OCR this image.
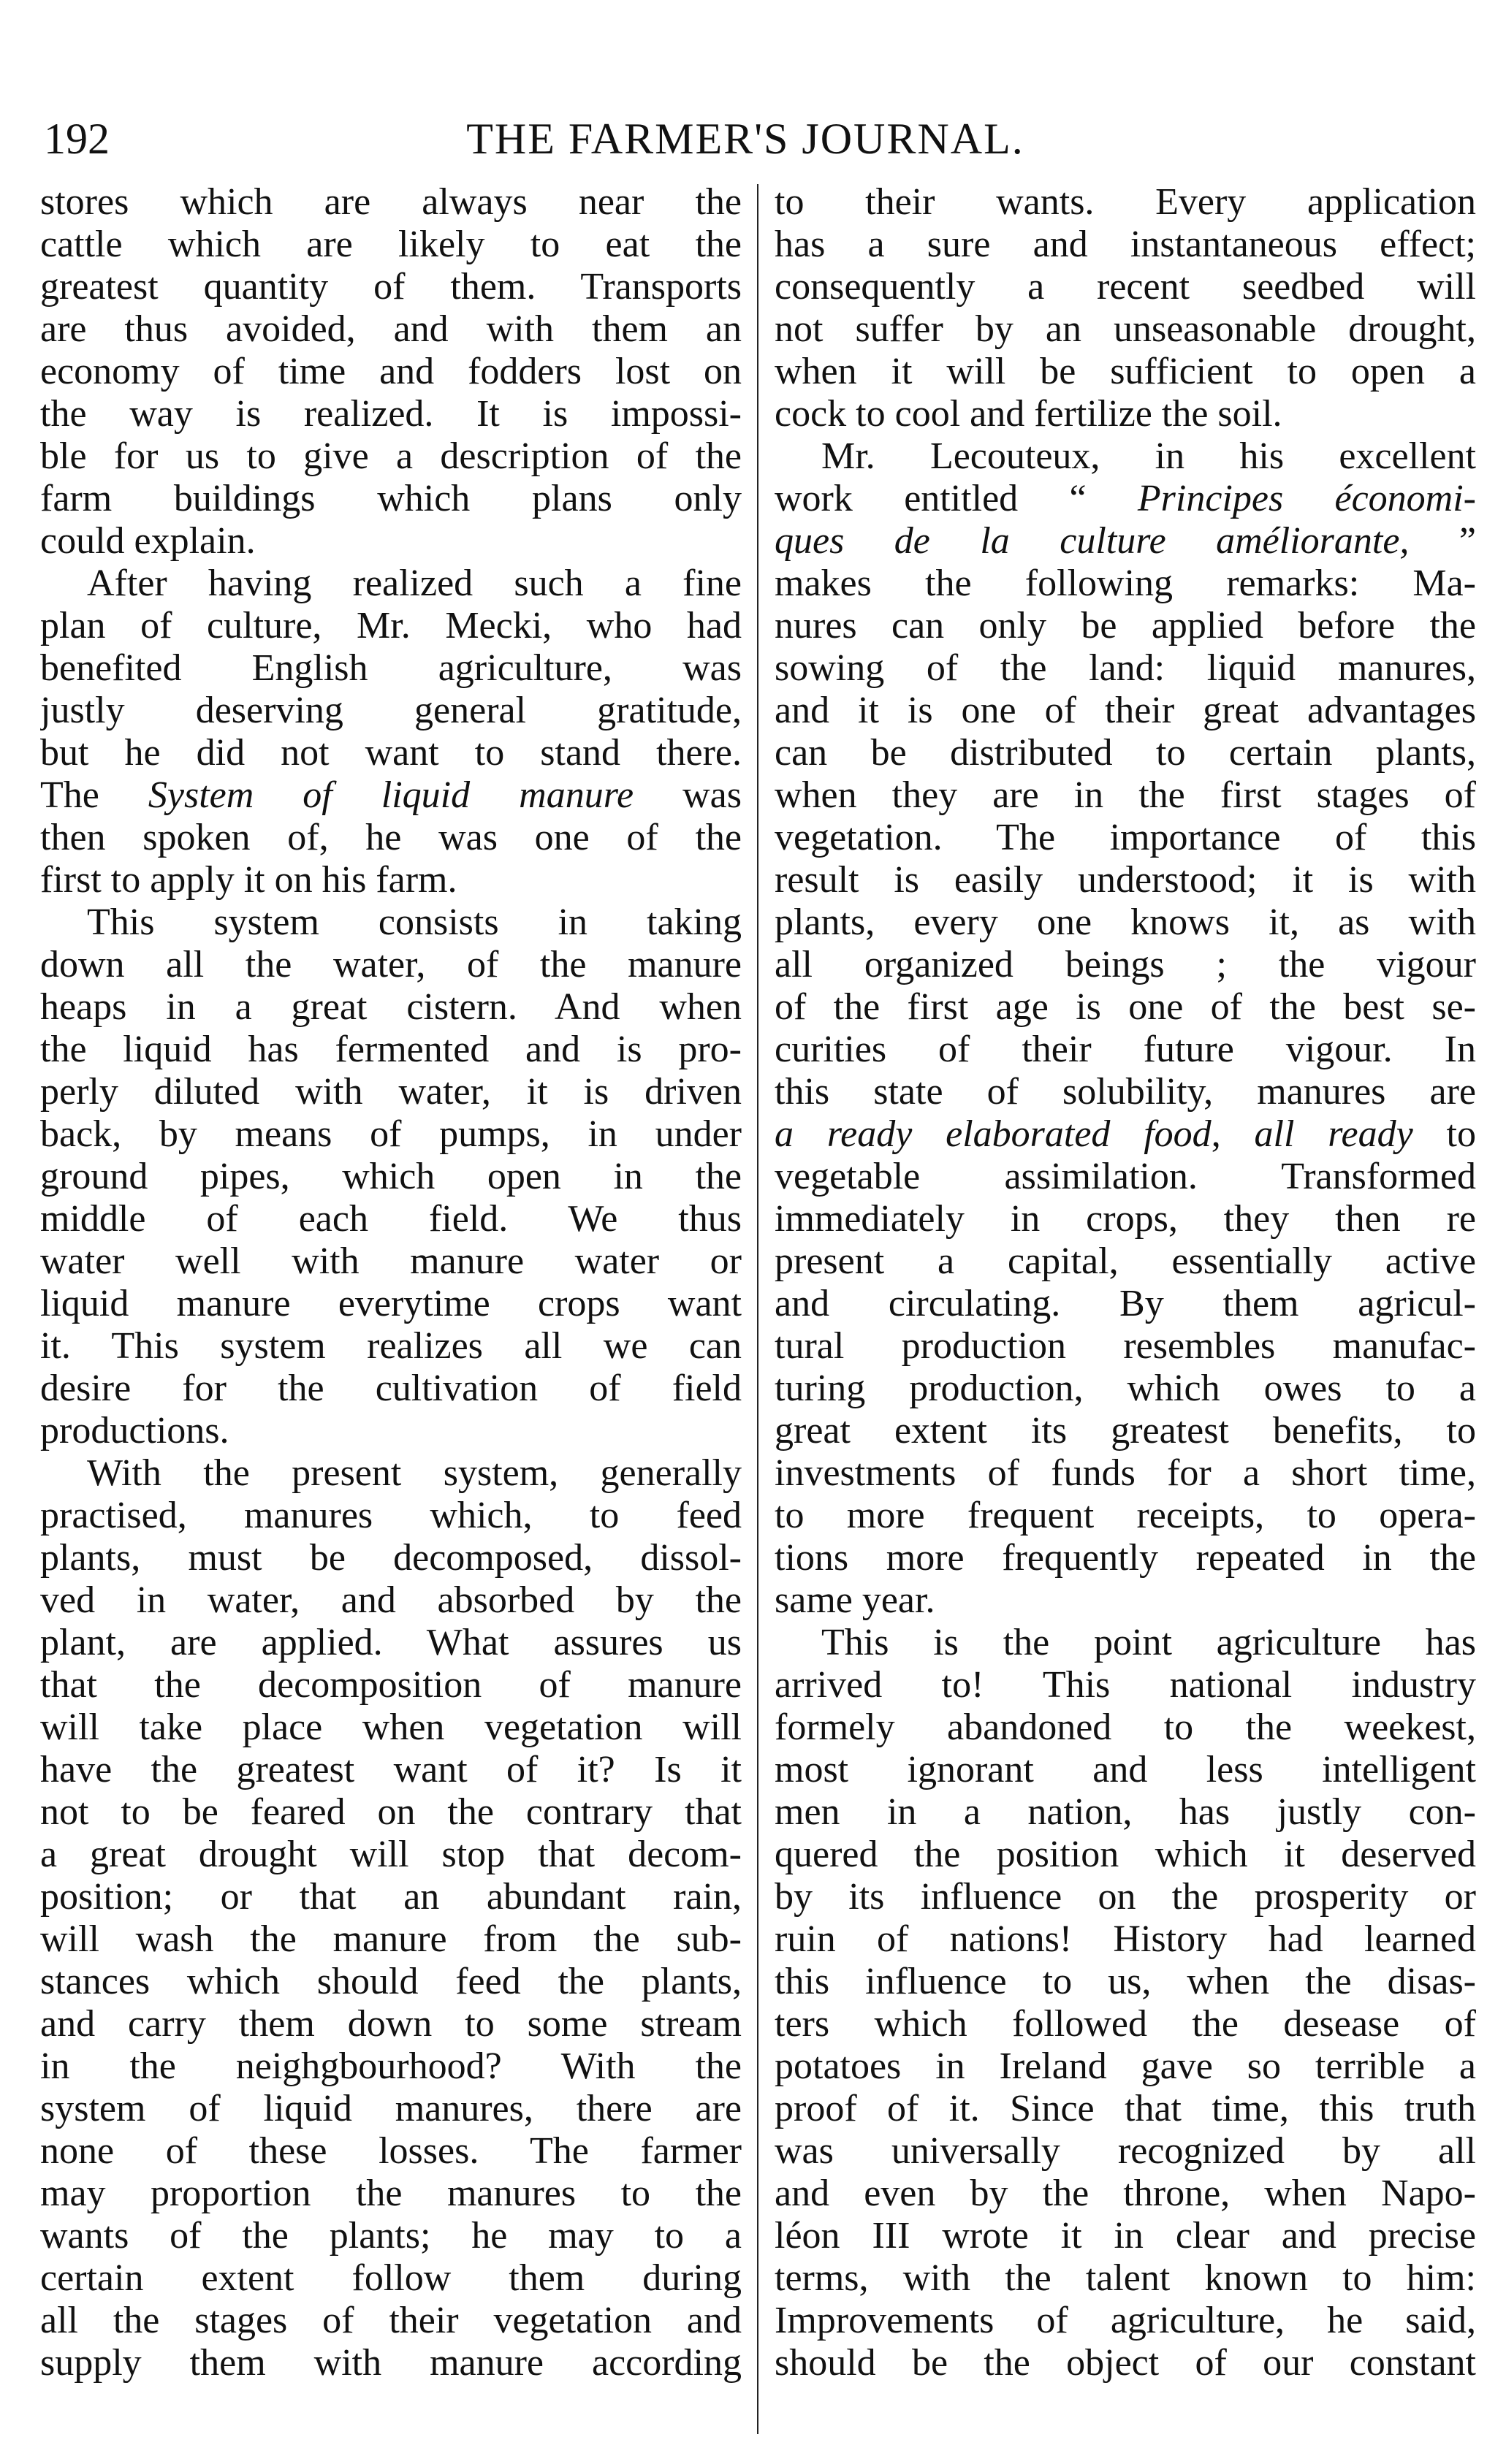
192	THE FARMER'S JOURNAL.
stores which are always near the
cattle which are likely to eat the
greatest quantity of them. Transports
are thus avoided, and with them an
economy of time and fodders lost on
the way is realized. It is impossi-
ble for us to give a description of the
farm buildings which plans only
could explain.
After having realized such a fine
plan of culture, Mr. Mecki, who had
benefited English agriculture, was
justly deserving general gratitude,
but he did not want to stand there.
The System of liquid manure was
then spoken of, he was one of the
first to apply it on his farm.
This system consists in taking
down all the water, of the manure
heaps in a great cistern. And when
the liquid has fermented and is pro-
perly diluted with water, it is driven
back, by means of pumps, in under
ground pipes, which open in the
middle of each field. We thus
water well with manure water or
liquid manure everytime crops want
it. This system realizes all we can
desire for the cultivation of field
productions.
With the present system, generally
practised, manures which, to feed
plants, must be decomposed, dissol-
ved in water, and absorbed by the
plant, are applied. What assures us
that the decomposition of manure
will take place when vegetation will
have the greatest want of it? Is it
not to be feared on the contrary that
a great drought will stop that decom-
position; or that an abundant rain,
will wash the manure from the sub-
stances which should feed the plants,
and carry them down to some stream
in the neighgbourhood? With the
system of liquid manures, there are
none of these losses. The farmer
may proportion the manures to the
wants of the plants; he may to a
certain extent follow them during
all the stages of their vegetation and
supply them with manure according
to their wants. Every application
has a sure and instantaneous effect;
consequently a recent seedbed will
not suffer by an unseasonable drought,
when it will be sufficient to open a
cock to cool and fertilize the soil.
Mr. Lecouteux, in his excellent
work entitled “ Principes économi-
ques de la culture améliorante, ”
makes the following remarks: Ma-
nures can only be applied before the
sowing of the land: liquid manures,
and it is one of their great advantages
can be distributed to certain plants,
when they are in the first stages of
vegetation. The importance of this
result is easily understood; it is with
plants, every one knows it, as with
all organized beings ; the vigour
of the first age is one of the best se-
curities of their future vigour. In
this state of solubility, manures are
a ready elaborated food, all ready to
vegetable assimilation. Transformed
immediately in crops, they then re
present a capital, essentially active
and circulating. By them agricul-
tural production resembles manufac-
turing production, which owes to a
great extent its greatest benefits, to
investments of funds for a short time,
to more frequent receipts, to opera-
tions more frequently repeated in the
same year.
This is the point agriculture has
arrived to! This national industry
formely abandoned to the weekest,
most ignorant and less intelligent
men in a nation, has justly con-
quered the position which it deserved
by its influence on the prosperity or
ruin of nations! History had learned
this influence to us, when the disas-
ters which followed the desease of
potatoes in Ireland gave so terrible a
proof of it. Since that time, this truth
was universally recognized by all
and even by the throne, when Napo-
léon III wrote it in clear and precise
terms, with the talent known to him:
Improvements of agriculture, he said,
should be the object of our constant
